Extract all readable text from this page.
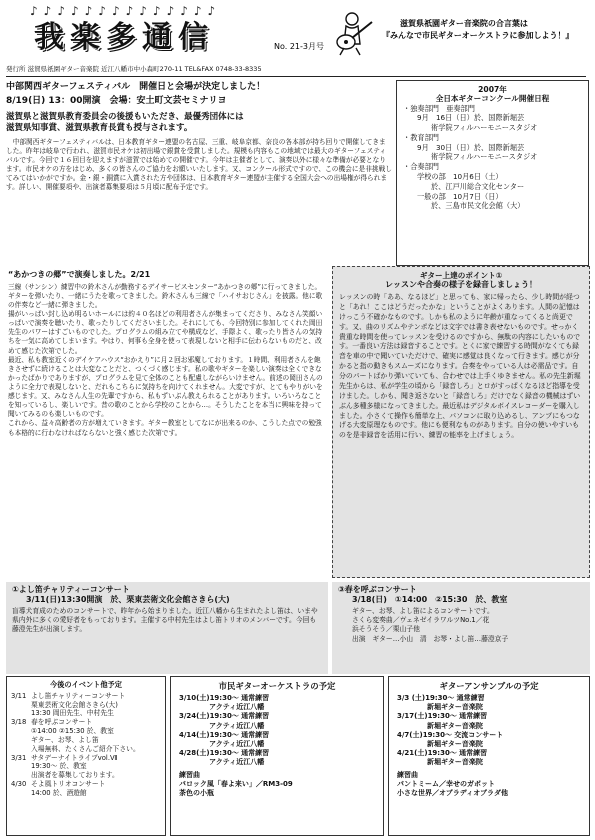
♪♪♪♪♪♪♪♪♪♪♪♪♪♪
我楽多通信	No. 21-3月号
滋賀県祇園ギター音楽院の合言葉は
『みんなで市民ギターオーケストラに参加しよう！』
発行所 滋賀県祇園ギター音楽院 近江八幡市中小森町270-11 TEL&FAX 0748-33-8335
中部関西ギターフェスティバル　開催日と会場が決定しました！
8/19(日) 13：00開演　会場：安土町文芸セミナリヨ
滋賀県と滋賀県教育委員会の後援もいただき、最優秀団体には
滋賀県知事賞、滋賀県教育長賞も授与されます。
中部関西ギターフェスティバルは、日本教育ギター連盟の名古屋、三重、岐阜京都、奈良の各本部が持ち回りで開催してきました。昨年は岐阜で行われ、滋賀市民オケは初出場で銀賞を受賞しました。規模も内容もこの地域では最大のギターフェスティバルです。今回で１６回目を迎えますが滋賀では始めての開催です。今年は主催者として、演奏以外に様々な準備が必要となります。市民オケの方をはじめ、多くの皆さんのご協力をお願いいたします。又、コンクール形式ですので、この機会に是非挑戦してみてはいかがですか。金・銀・銅賞に入賞された方や団体は、日本教育ギター連盟が主催する全国大会への出場権が得られます。詳しい、開催要項や、出演者募集要項は５月頃に配布予定です。
2007年
全日本ギターコンクール開催日程
・独奏部門　亜奏部門
9月　16日（日）於、国際新堀芸
術学院フィルハーモニースタジオ
・教育部門
9月　30日（日）於、国際新堀芸
術学院フィルハーモニースタジオ
・合奏部門
学校の部　10月6日（土）
於、江戸川総合文化センター
一般の部　10月7日（日）
於、三島市民文化会館（大）
“あかつきの郷”で演奏しました。2/21
三線（サンシン）練習中の鈴木さんが勤務するデイサービスセンター“あかつきの郷”に行ってきました。ギターを弾いたり、一緒にうたを歌ってきました。鈴木さんも三線で「ハイサおじさん」を披露。他に歌の伴奏など一緒に弾きました。
揚がいっぱい封し込め明るいホールには約４０名ほどの利用者さんが集まってくださり、みなさん笑顔いっぱいで演奏を聴いたり、歌ったりしてくださいました。それにしても、今回特別に参加してくれた岡田先生のパワーはすごいものでした。プログラムの組み立てや構成など、手際よく、歌ったり皆さんの気持ちを一気に高めてしまいます。やはり、何事も全身を使って表現しないと相手に伝わらないものだと、改めて感じた次第でした。
最近、私も教室近くのデイケアハウス“おかえり”に月２回お邪魔しております。１時間、利用者さんを飽きさせずに続けることは大変なことだと、つくづく感じます。私の歌やギターを楽しい演奏は全くできなかったばかりでありますが、プログラムを見て全体のことも配慮しながらいけません。前述の岡田さんのように全力で表現しないと、だれもこちらに気持ちを向けてくれません。大変ですが、とてもやりがいを感じます。又、みなさん人生の先輩ですから、私もずいぶん教えられることがあります。いろいろなことを知っているし、楽しいです。昔の歌のことから学校のことから…。そうしたことを本当に興味を持って聞いてみるのも楽しいものです。
これから、益々高齢者の方が増えていきます。ギター教室としてなにが出来るのか、こうした点での勉強も本格的に行わなければならないと強く感じた次第です。
ギター上達のポイント①
レッスンや合奏の様子を録音しましょう！
レッスンの時「ああ、なるほど」と思っても、家に帰ったら、少し時間が経つと「あれ！ここはどうだったかな」ということがよくあります。人間の記憶はけっこう不確かなものです。しかも私のように年齢が重なってくると尚更です。又、曲のリズムやテンポなどは文字では書き表せないものです。せっかく貴重な時間を使ってレッスンを受けるのですから、無駄の内容にしたいものです。一番良い方法は録音することです。とくに家で練習する時間がなくても録音を車の中で聞いていただけで、確実に感覚は良くなって行きます。感じが分かると指の動きもスムーズになります。合奏をやっている人は必需品です。自分のパートばかり弾いていても、合わせでは上手くゆきません。私の先生新堀先生からは、私が学生の頃から「録音しろ」とロがすっぱくなるほど指導を受けました。しかも、聞き返さないと「録音しろ」だけでなく録音の機械はずいぶん多種多様になってきました。最近私はデジタルボイスレコーダーを購入しました。小さくて操作も簡単な上、パソコンに取り込めるし、アンプにもつなげる大変原理なものです。他にも便利なものがあります。自分の使いやすいものを是非録音を活用に行い、練習の能率を上げましょう。
①よし笛チャリティーコンサート
3/11(日)13:30開演　於、栗東芸術文化会館さきら(大)
盲導犬育成のためのコンサートで、昨年から始まりました。近江八幡から生まれたよし笛は、いまや県内外に多くの愛好者をもっております。主催する中村先生はよし笛トリオのメンバーです。今回も藤澄先生が出演します。
③春を呼ぶコンサート
3/18(日)　①14:00　②15:30　於、教室
ギター、お琴、よし笛によるコンサートです。
さくら変奏曲／ヴェネゼイラワルツNo.1／花
浜そうそう／栗山子他
出演　ギター…小山　清　お琴・よし笛…藤澄京子
今後のイベント他予定
3/11 よし笛チャリティーコンサート
栗東芸術文化会館さきら(大)
13:30 岡田先生、中村先生
3/18 春を呼ぶコンサート
①14:00 ②15:30 於、教室
ギター、お琴、よし笛
入場無料、たくさんご紹介下さい。
3/31 サタデーナイトライブvol.Ⅶ
19:30～ 於、教室
出演者を募集しております。
4/30 そよ風トリオコンサート
14:00 於、酒遊館
市民ギターオーケストラの予定
3/10(土)19:30～ 通常練習
アクティ近江八幡
3/24(土)19:30～ 通常練習
アクティ近江八幡
4/14(土)19:30～ 通常練習
アクティ近江八幡
4/28(土)19:30～ 通常練習
アクティ近江八幡
練習曲
バロック風「春よ来い」／RM3-09
茶色の小瓶
ギターアンサンブルの予定
3/3 (土)19:30～ 通常練習
新堀ギター音楽院
3/17(土)19:30～ 通常練習
新堀ギター音楽院
4/7(土)19:30～ 交流コンサート
新堀ギター音楽院
4/21(土)19:30～ 通常練習
新堀ギター音楽院
練習曲
パントミーム／幸せのガボット
小さな世界／オブラディオブラダ他
